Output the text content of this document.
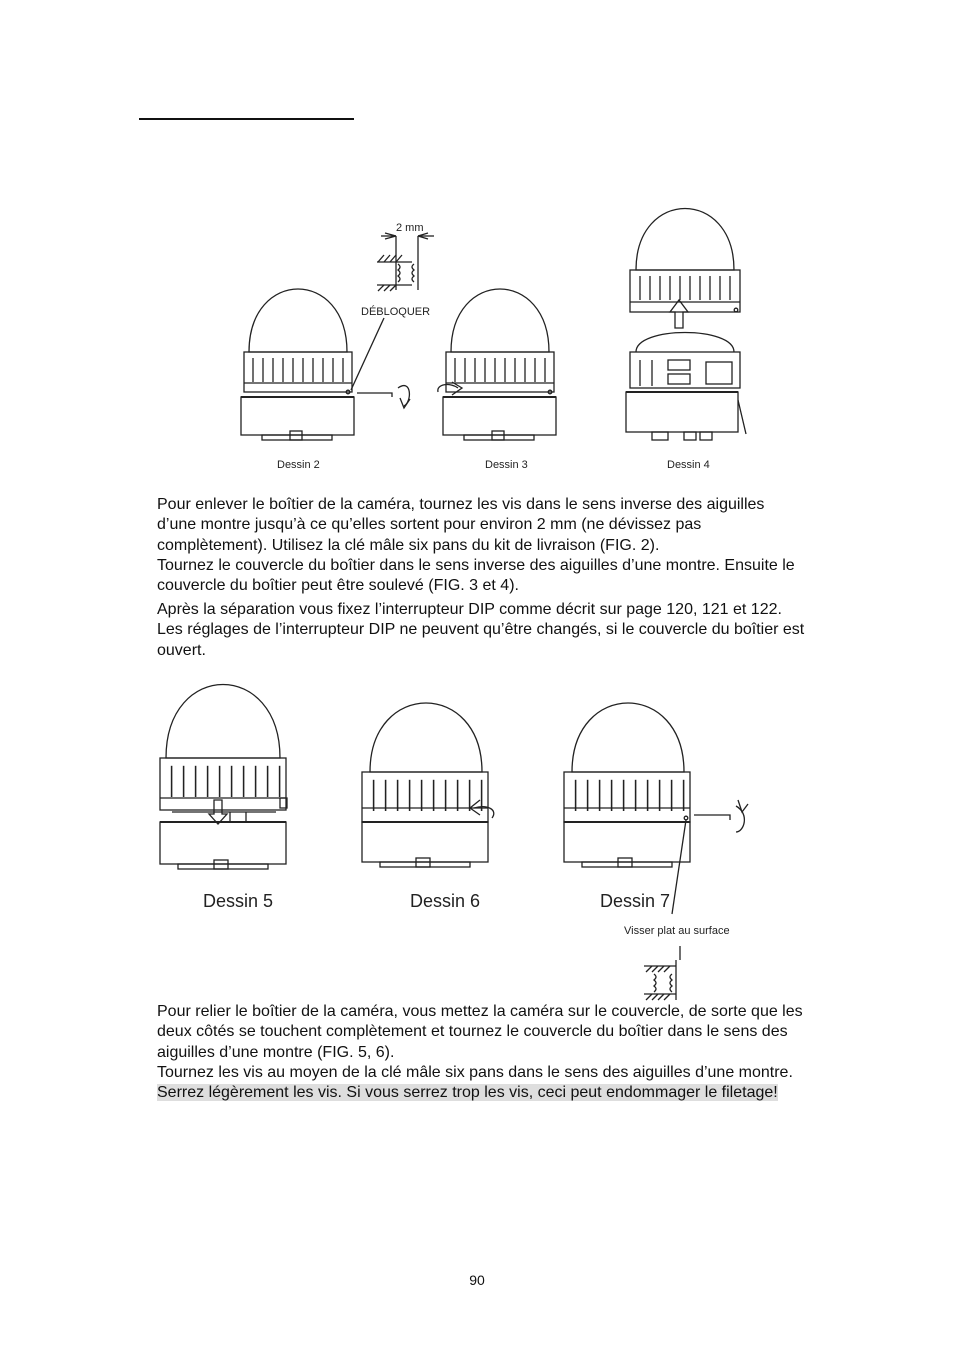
2 mm
DÉBLOQUER
Dessin 2	Dessin 3	Dessin 4
Dessin 5	Dessin 6	Dessin 7
Visser plat au surface

Pour enlever le boîtier de la caméra, tournez les vis dans le sens inverse des aiguilles

d’une montre jusqu’à ce qu’elles sortent pour environ 2 mm (ne dévissez pas

complètement). Utilisez la clé mâle six pans du kit de livraison (FIG. 2).

Tournez le couvercle du boîtier dans le sens inverse des aiguilles d’une montre. Ensuite le

couvercle du boîtier peut être soulevé (FIG. 3 et 4).

Après la séparation vous fixez l’interrupteur DIP comme décrit sur page 120, 121 et 122.

Les réglages de l’interrupteur DIP ne peuvent qu’être changés, si le couvercle du boîtier est

ouvert.

Pour relier le boîtier de la caméra, vous mettez la caméra sur le couvercle, de sorte que les

deux côtés se touchent complètement et tournez le couvercle du boîtier dans le sens des

aiguilles d’une montre (FIG. 5, 6).

Tournez les vis au moyen de la clé mâle six pans dans le sens des aiguilles d’une montre.

Serrez légèrement les vis. Si vous serrez trop les vis, ceci peut endommager le filetage!

90
